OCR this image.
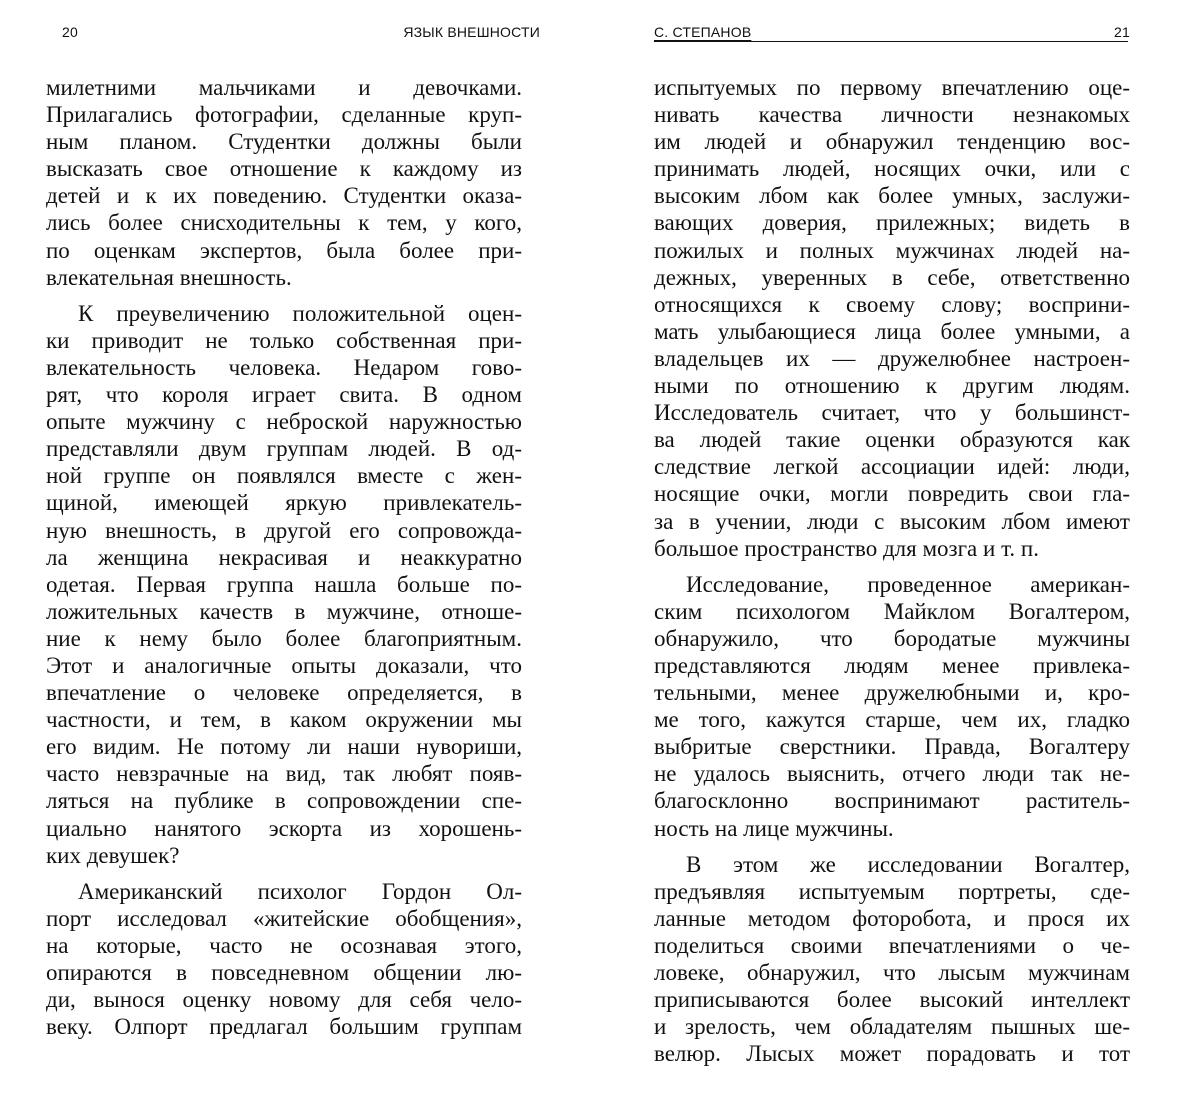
20	ЯЗЫК ВНЕШНОСТИ
милетними мальчиками и девочками.
Прилагались фотографии, сделанные круп-
ным планом. Студентки должны были
высказать свое отношение к каждому из
детей и к их поведению. Студентки оказа-
лись более снисходительны к тем, у кого,
по оценкам экспертов, была более при-
влекательная внешность.
К преувеличению положительной оцен-
ки приводит не только собственная при-
влекательность человека. Недаром гово-
рят, что короля играет свита. В одном
опыте мужчину с неброской наружностью
представляли двум группам людей. В од-
ной группе он появлялся вместе с жен-
щиной, имеющей яркую привлекатель-
ную внешность, в другой его сопровожда-
ла женщина некрасивая и неаккуратно
одетая. Первая группа нашла больше по-
ложительных качеств в мужчине, отноше-
ние к нему было более благоприятным.
Этот и аналогичные опыты доказали, что
впечатление о человеке определяется, в
частности, и тем, в каком окружении мы
его видим. Не потому ли наши нувориши,
часто невзрачные на вид, так любят появ-
ляться на публике в сопровождении спе-
циально нанятого эскорта из хорошень-
ких девушек?
Американский психолог Гордон Ол-
порт исследовал «житейские обобщения»,
на которые, часто не осознавая этого,
опираются в повседневном общении лю-
ди, вынося оценку новому для себя чело-
веку. Олпорт предлагал большим группам
С. СТЕПАНОВ	21
испытуемых по первому впечатлению оце-
нивать качества личности незнакомых
им людей и обнаружил тенденцию вос-
принимать людей, носящих очки, или с
высоким лбом как более умных, заслужи-
вающих доверия, прилежных; видеть в
пожилых и полных мужчинах людей на-
дежных, уверенных в себе, ответственно
относящихся к своему слову; восприни-
мать улыбающиеся лица более умными, а
владельцев их — дружелюбнее настроен-
ными по отношению к другим людям.
Исследователь считает, что у большинст-
ва людей такие оценки образуются как
следствие легкой ассоциации идей: люди,
носящие очки, могли повредить свои гла-
за в учении, люди с высоким лбом имеют
большое пространство для мозга и т. п.
Исследование, проведенное американ-
ским психологом Майклом Вогалтером,
обнаружило, что бородатые мужчины
представляются людям менее привлека-
тельными, менее дружелюбными и, кро-
ме того, кажутся старше, чем их, гладко
выбритые сверстники. Правда, Вогалтеру
не удалось выяснить, отчего люди так не-
благосклонно воспринимают раститель-
ность на лице мужчины.
В этом же исследовании Вогалтер,
предъявляя испытуемым портреты, сде-
ланные методом фоторобота, и прося их
поделиться своими впечатлениями о че-
ловеке, обнаружил, что лысым мужчинам
приписываются более высокий интеллект
и зрелость, чем обладателям пышных ше-
велюр. Лысых может порадовать и тот
